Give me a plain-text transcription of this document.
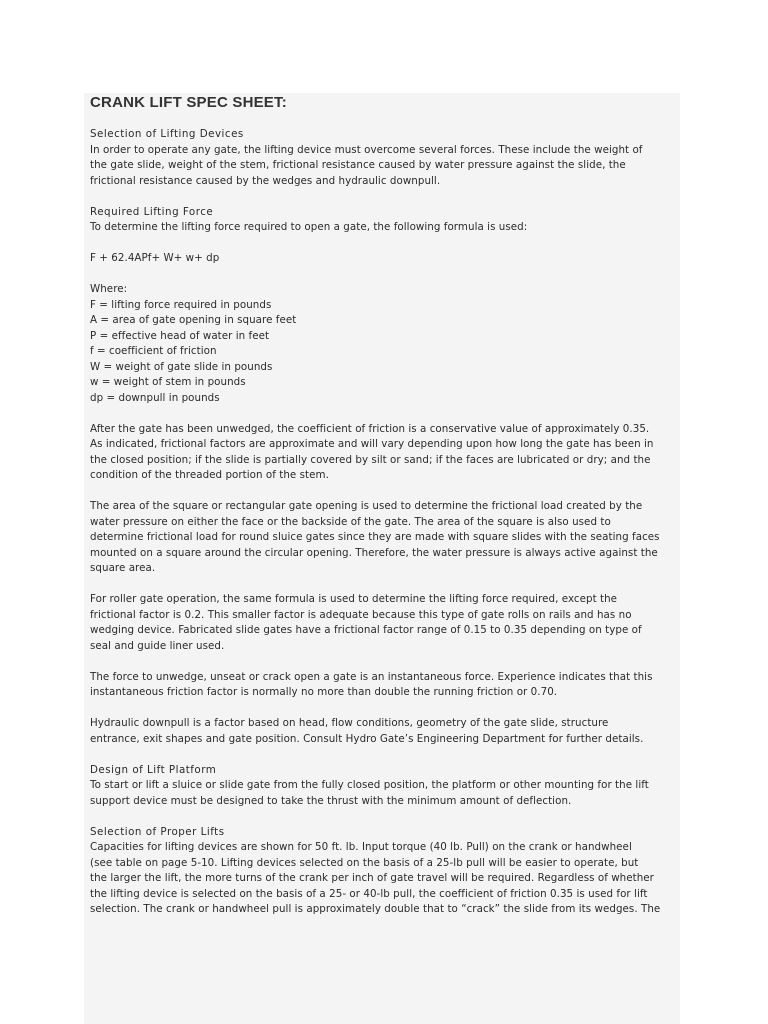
CRANK LIFT SPEC SHEET:
Selection of Lifting Devices
In order to operate any gate, the lifting device must overcome several forces. These include the weight of
the gate slide, weight of the stem, frictional resistance caused by water pressure against the slide, the
frictional resistance caused by the wedges and hydraulic downpull.
Required Lifting Force
To determine the lifting force required to open a gate, the following formula is used:
F + 62.4APf+ W+ w+ dp
Where:
F = lifting force required in pounds
A = area of gate opening in square feet
P = effective head of water in feet
f = coefficient of friction
W = weight of gate slide in pounds
w = weight of stem in pounds
dp = downpull in pounds
After the gate has been unwedged, the coefficient of friction is a conservative value of approximately 0.35.
As indicated, frictional factors are approximate and will vary depending upon how long the gate has been in
the closed position; if the slide is partially covered by silt or sand; if the faces are lubricated or dry; and the
condition of the threaded portion of the stem.
The area of the square or rectangular gate opening is used to determine the frictional load created by the
water pressure on either the face or the backside of the gate. The area of the square is also used to
determine frictional load for round sluice gates since they are made with square slides with the seating faces
mounted on a square around the circular opening. Therefore, the water pressure is always active against the
square area.
For roller gate operation, the same formula is used to determine the lifting force required, except the
frictional factor is 0.2. This smaller factor is adequate because this type of gate rolls on rails and has no
wedging device. Fabricated slide gates have a frictional factor range of 0.15 to 0.35 depending on type of
seal and guide liner used.
The force to unwedge, unseat or crack open a gate is an instantaneous force. Experience indicates that this
instantaneous friction factor is normally no more than double the running friction or 0.70.
Hydraulic downpull is a factor based on head, flow conditions, geometry of the gate slide, structure
entrance, exit shapes and gate position. Consult Hydro Gate’s Engineering Department for further details.
Design of Lift Platform
To start or lift a sluice or slide gate from the fully closed position, the platform or other mounting for the lift
support device must be designed to take the thrust with the minimum amount of deflection.
Selection of Proper Lifts
Capacities for lifting devices are shown for 50 ft. lb. Input torque (40 lb. Pull) on the crank or handwheel
(see table on page 5-10. Lifting devices selected on the basis of a 25-lb pull will be easier to operate, but
the larger the lift, the more turns of the crank per inch of gate travel will be required. Regardless of whether
the lifting device is selected on the basis of a 25- or 40-lb pull, the coefficient of friction 0.35 is used for lift
selection. The crank or handwheel pull is approximately double that to “crack” the slide from its wedges. The
